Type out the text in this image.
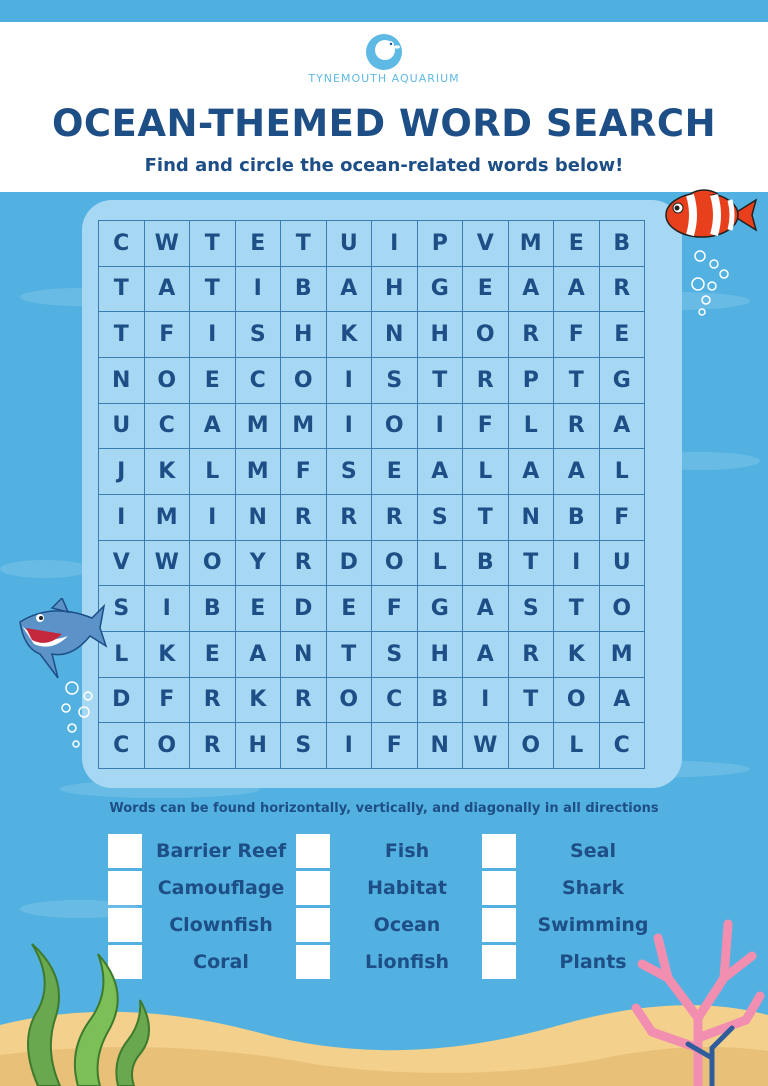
TYNEMOUTH AQUARIUM
OCEAN-THEMED WORD SEARCH
Find and circle the ocean-related words below!
C	W	T	E	T	U	I	P	V	M	E	B
T	A	T	I	B	A	H	G	E	A	A	R
T	F	I	S	H	K	N	H	O	R	F	E
N	O	E	C	O	I	S	T	R	P	T	G
U	C	A	M	M	I	O	I	F	L	R	A
J	K	L	M	F	S	E	A	L	A	A	L
I	M	I	N	R	R	R	S	T	N	B	F
V	W	O	Y	R	D	O	L	B	T	I	U
S	I	B	E	D	E	F	G	A	S	T	O
L	K	E	A	N	T	S	H	A	R	K	M
D	F	R	K	R	O	C	B	I	T	O	A
C	O	R	H	S	I	F	N	W	O	L	C
Words can be found horizontally, vertically, and diagonally in all directions
Barrier Reef
Camouflage
Clownfish
Coral
Fish
Habitat
Ocean
Lionfish
Seal
Shark
Swimming
Plants
